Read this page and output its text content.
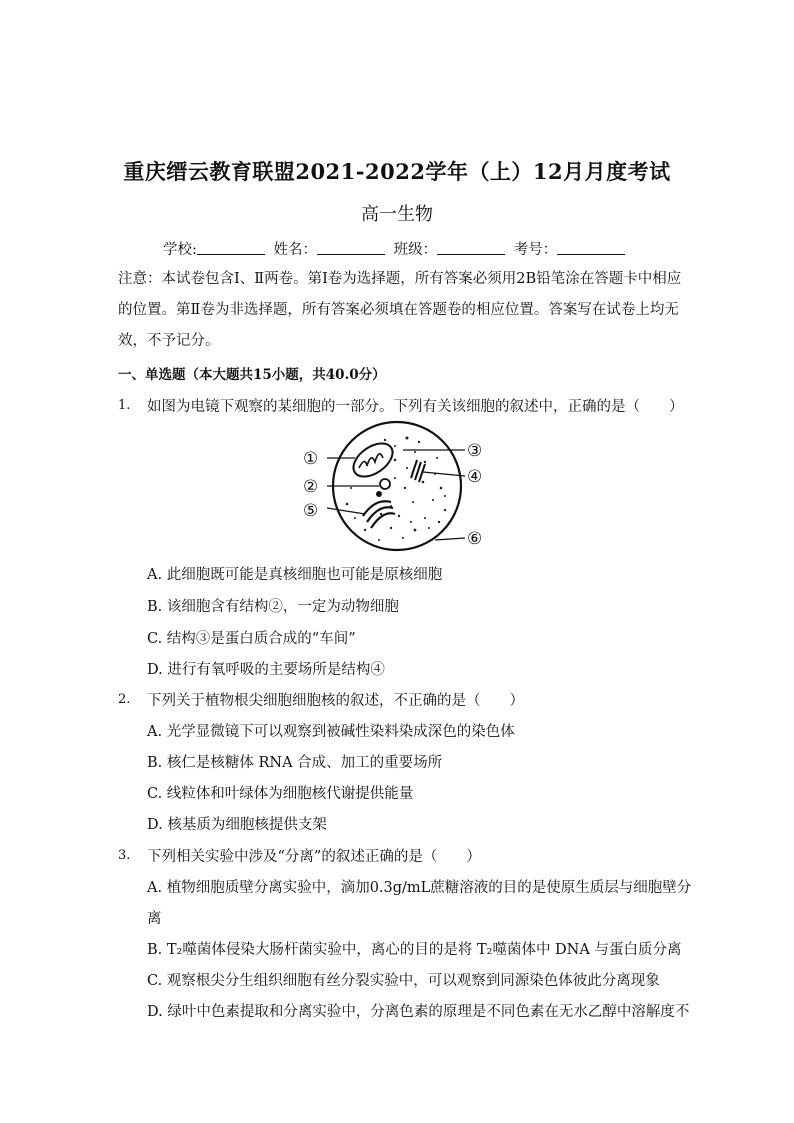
重庆缙云教育联盟2021-2022学年（上）12月月度考试
高一生物
学校:	姓名：	班级：	考号：
注意：本试卷包含Ⅰ、Ⅱ两卷。第Ⅰ卷为选择题，所有答案必须用2B铅笔涂在答题卡中相应的位置。第Ⅱ卷为非选择题，所有答案必须填在答题卷的相应位置。答案写在试卷上均无效，不予记分。
一、单选题（本大题共15小题，共40.0分）
1. 如图为电镜下观察的某细胞的一部分。下列有关该细胞的叙述中，正确的是（　　）
①
②
③
④
⑤
⑥
A. 此细胞既可能是真核细胞也可能是原核细胞
B. 该细胞含有结构②，一定为动物细胞
C. 结构③是蛋白质合成的“车间”
D. 进行有氧呼吸的主要场所是结构④
2. 下列关于植物根尖细胞细胞核的叙述，不正确的是（　　）
A. 光学显微镜下可以观察到被碱性染料染成深色的染色体
B. 核仁是核糖体 RNA 合成、加工的重要场所
C. 线粒体和叶绿体为细胞核代谢提供能量
D. 核基质为细胞核提供支架
3. 下列相关实验中涉及“分离”的叙述正确的是（　　）
A. 植物细胞质壁分离实验中，滴加0.3g/mL蔗糖溶液的目的是使原生质层与细胞壁分
离
B. T₂噬菌体侵染大肠杆菌实验中，离心的目的是将 T₂噬菌体中 DNA 与蛋白质分离
C. 观察根尖分生组织细胞有丝分裂实验中，可以观察到同源染色体彼此分离现象
D. 绿叶中色素提取和分离实验中，分离色素的原理是不同色素在无水乙醇中溶解度不
